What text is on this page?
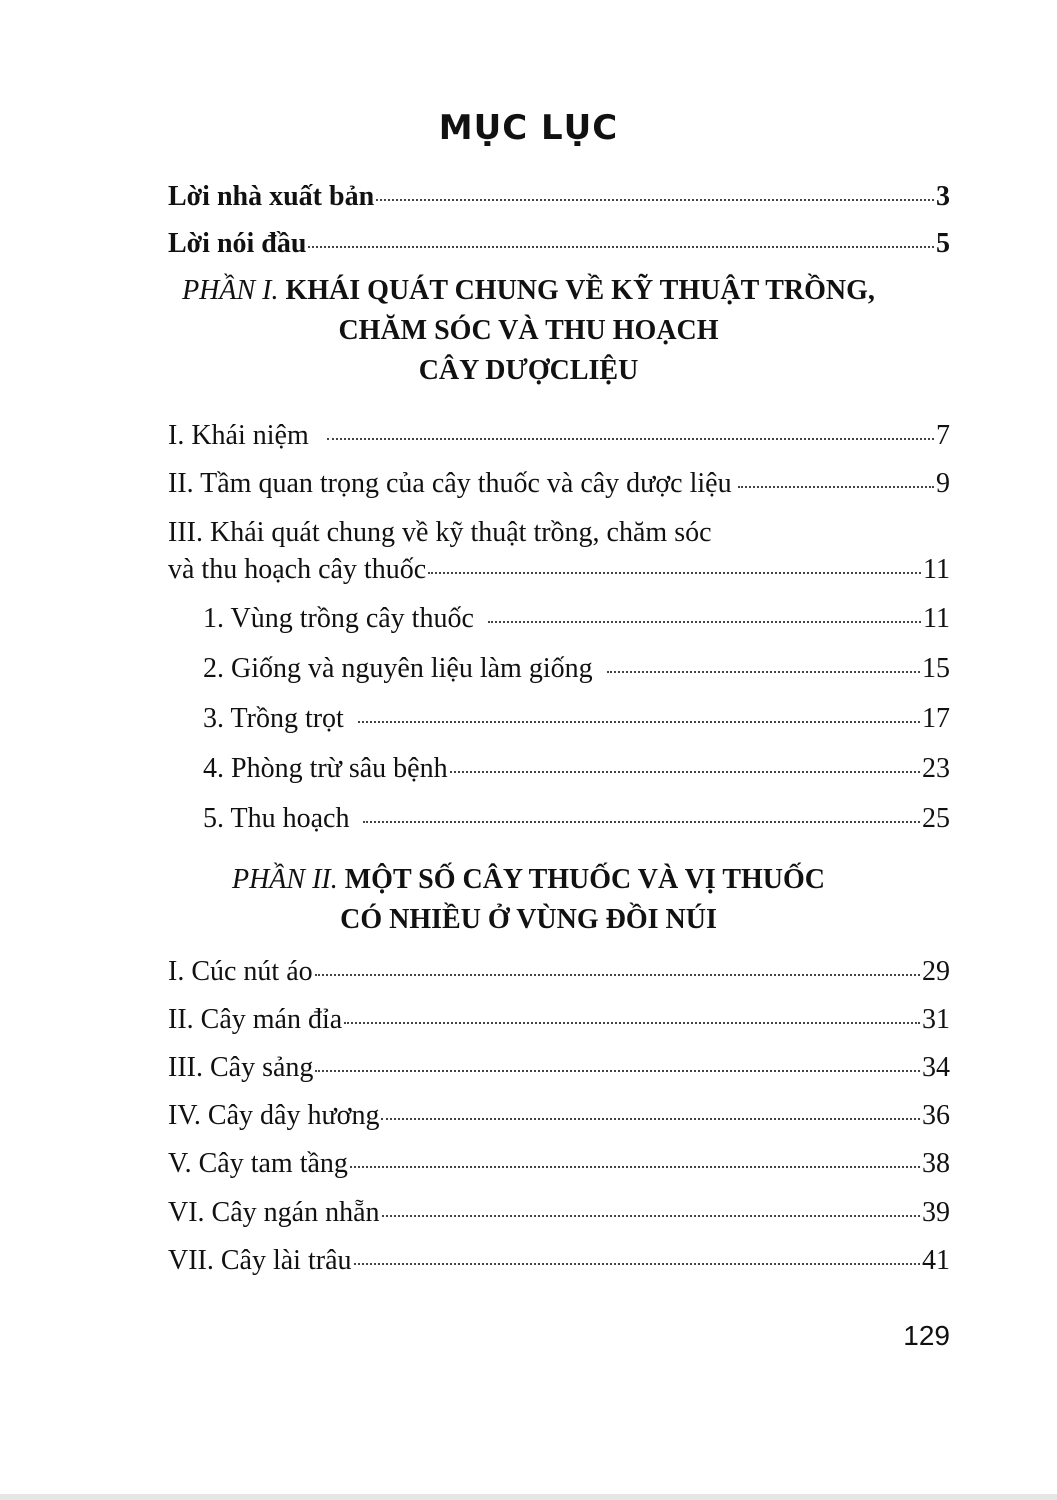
MỤC LỤC
Lời nhà xuất bản	3
Lời nói đầu	5
PHẦN I. KHÁI QUÁT CHUNG VỀ KỸ THUẬT TRỒNG,
CHĂM SÓC VÀ THU HOẠCH
CÂY DƯỢCLIỆU
I. Khái niệm	7
II. Tầm quan trọng của cây thuốc và cây dược liệu	9
III. Khái quát chung về kỹ thuật trồng, chăm sóc
và thu hoạch cây thuốc	11
1. Vùng trồng cây thuốc	11
2. Giống và nguyên liệu làm giống	15
3. Trồng trọt	17
4. Phòng trừ sâu bệnh	23
5. Thu hoạch	25
PHẦN II. MỘT SỐ CÂY THUỐC VÀ VỊ THUỐC
CÓ NHIỀU Ở VÙNG ĐỒI NÚI
I. Cúc nút áo	29
II. Cây mán đỉa	31
III. Cây sảng	34
IV. Cây dây hương	36
V. Cây tam tầng	38
VI. Cây ngán nhẵn	39
VII. Cây lài trâu	41
129
